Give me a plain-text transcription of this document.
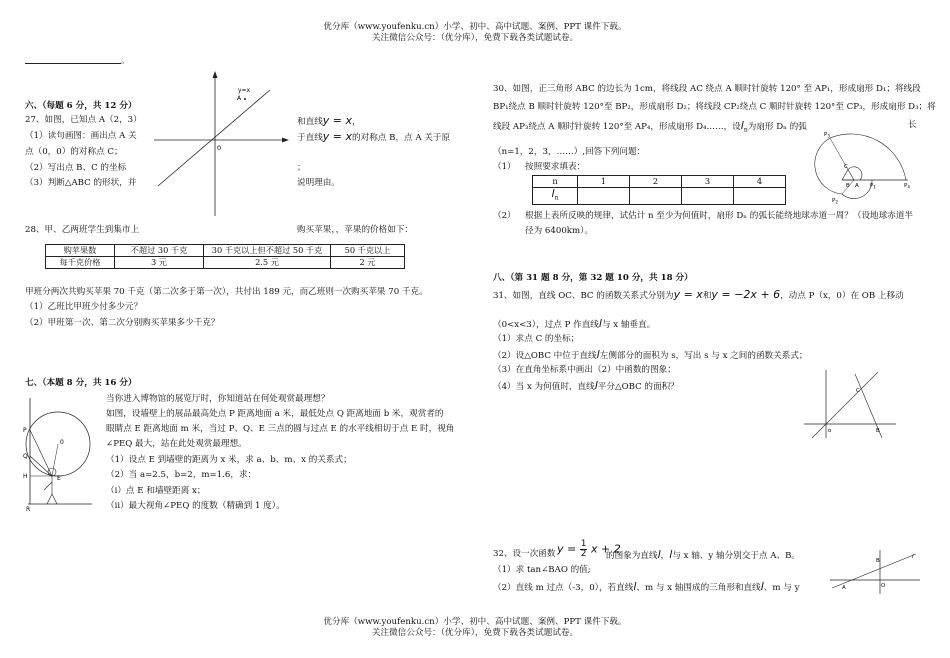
优分库（www.youfenku.cn）小学、初中、高中试题、案例、PPT 课件下载。
关注微信公众号：（优分库），免费下载各类试题试卷。
。
六、（每题 6 分，共 12 分）
27、如图，已知点 A（2，3）	和直线y = x，
（1）读句画图：画出点 A 关	于直线y = x的对称点 B，点 A 关于原
点（0，0）的对称点 C；
（2）写出点 B、C 的坐标	；
（3）判断△ABC 的形状，并	说明理由。
y=x
A
0
28、甲、乙两班学生到集市上	购买苹果，，苹果的价格如下：
购苹果数	不超过 30 千克	30 千克以上但不超过 50 千克	50 千克以上
每千克价格	3 元	2.5 元	2 元
甲班分两次共购买苹果 70 千克（第二次多于第一次），共付出 189 元，而乙班则一次购买苹果 70 千克。
（1）乙班比甲班少付多少元？
（2）甲班第一次、第二次分别购买苹果多少千克？
七、（本题 8 分，共 16 分）
当你进入博物馆的展览厅时，你知道站在何处观赏最理想？
如图，设墙壁上的展品最高处点 P 距离地面 a 米，最低处点 Q 距离地面 b 米，观赏者的
眼睛点 E 距离地面 m 米，当过 P、Q、E 三点的圆与过点 E 的水平线相切于点 E 时，视角
∠PEQ 最大，站在此处观赏最理想。
（1）设点 E 到墙壁的距离为 x 米，求 a、b、m、x 的关系式；
（2）当 a=2.5，b=2，m=1.6，求：
（ⅰ）点 E 和墙壁距离 x；
（ⅱ）最大视角∠PEQ 的度数（精确到 1 度）。
P
Q
H
R
E
0
30、如图，正三角形 ABC 的边长为 1cm，将线段 AC 绕点 A 顺时针旋转 120° 至 AP₁，形成扇形 D₁；将线段
BP₁绕点 B 顺时针旋转 120°至 BP₂，形成扇形 D₂；将线段 CP₂绕点 C 顺时针旋转 120°至 CP₃，形成扇形 D₃；将
线段 AP₃绕点 A 顺时针旋转 120°至 AP₄，形成扇形 D₄……，设$l_n$为扇形 Dₙ 的弧	长
（n=1，2，3，……）,回答下列问题：
（1） 按照要求填表：
n	1	2	3	4
$l_n$				
（2） 根据上表所反映的规律，试估计 n 至少为何值时，扇形 Dₙ 的弧长能绕地球赤道一周？（设地球赤道半
径为 6400km）。
$P_3$
$P_2$
$P_1$	$P_4$
C
B A
八、（第 31 题 8 分，第 32 题 10 分，共 18 分）
31、如图，直线 OC、BC 的函数关系式分别为y = x和y = −2x + 6，动点 P（x，0）在 OB 上移动
（0<x<3），过点 P 作直线l与 x 轴垂直。
（1）求点 C 的坐标；
（2）设△OBC 中位于直线l左侧部分的面积为 s，写出 s 与 x 之间的函数关系式；
（3）在直角坐标系中画出（2）中函数的图象；
（4）当 x 为何值时，直线l平分△OBC 的面积？
o	B
C
$y = \frac{1}{2}$ x + 2
32、设一次函数	的图象为直线l，l与 x 轴、y 轴分别交于点 A、B。
（1）求 tan∠BAO 的值;
（2）直线 m 过点（-3，0），若直线l、m 与 x 轴围成的三角形和直线l、m 与 y	A
B
O
l
优分库（www.youfenku.cn）小学、初中、高中试题、案例、PPT 课件下载。
关注微信公众号：（优分库），免费下载各类试题试卷。
